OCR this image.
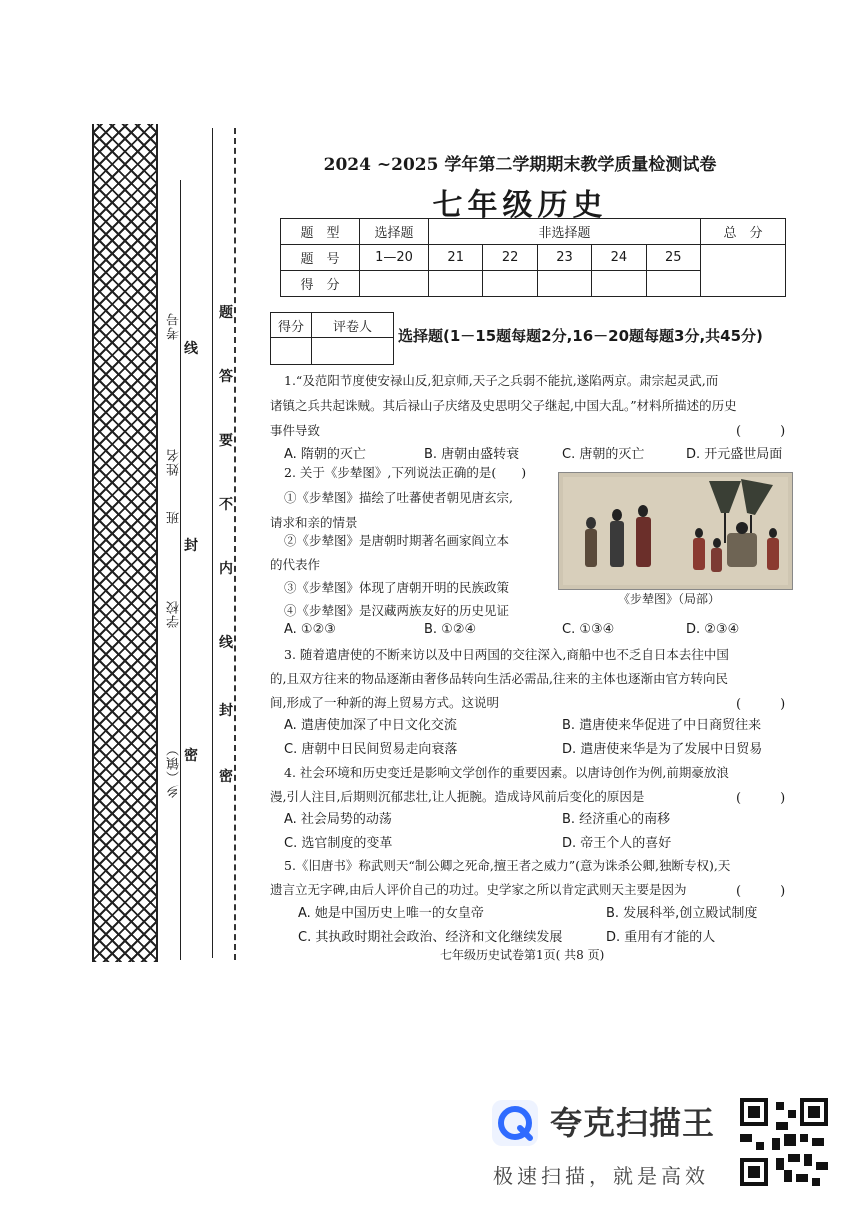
乡（镇）
学校
班
姓名
考号	题
答
要
不
内
线
封
密
线
封
密
2024 ~2025 学年第二学期期末教学质量检测试卷
七年级历史
题　型	选择题	非选择题					总　分
题　号	1—20	21	22	23	24	25	
得　分							
得分	评卷人
	选择题(1－15题每题2分,16－20题每题3分,共45分)
1.“及范阳节度使安禄山反,犯京师,天子之兵弱不能抗,遂陷两京。肃宗起灵武,而
诸镇之兵共起诛贼。其后禄山子庆绪及史思明父子继起,中国大乱。”材料所描述的历史
事件导致	(　　　)
A. 隋朝的灭亡	B. 唐朝由盛转衰	C. 唐朝的灭亡	D. 开元盛世局面
2. 关于《步辇图》,下列说法正确的是(　　)
①《步辇图》描绘了吐蕃使者朝见唐玄宗,
请求和亲的情景
②《步辇图》是唐朝时期著名画家阎立本
的代表作
③《步辇图》体现了唐朝开明的民族政策
④《步辇图》是汉藏两族友好的历史见证
《步辇图》（局部）
A. ①②③	B. ①②④	C. ①③④	D. ②③④
3. 随着遣唐使的不断来访以及中日两国的交往深入,商船中也不乏自日本去往中国
的,且双方往来的物品逐渐由奢侈品转向生活必需品,往来的主体也逐渐由官方转向民
间,形成了一种新的海上贸易方式。这说明	(　　　)
A. 遣唐使加深了中日文化交流	B. 遣唐使来华促进了中日商贸往来
C. 唐朝中日民间贸易走向衰落	D. 遣唐使来华是为了发展中日贸易
4. 社会环境和历史变迁是影响文学创作的重要因素。以唐诗创作为例,前期豪放浪
漫,引人注目,后期则沉郁悲壮,让人扼腕。造成诗风前后变化的原因是	(　　　)
A. 社会局势的动荡	B. 经济重心的南移
C. 选官制度的变革	D. 帝王个人的喜好
5.《旧唐书》称武则天“制公卿之死命,擅王者之威力”(意为诛杀公卿,独断专权),天
遗言立无字碑,由后人评价自己的功过。史学家之所以肯定武则天主要是因为	(　　　)
A. 她是中国历史上唯一的女皇帝	B. 发展科举,创立殿试制度
C. 其执政时期社会政治、经济和文化继续发展	D. 重用有才能的人
七年级历史试卷第1页( 共8 页)
夸克扫描王
极速扫描，就是高效
